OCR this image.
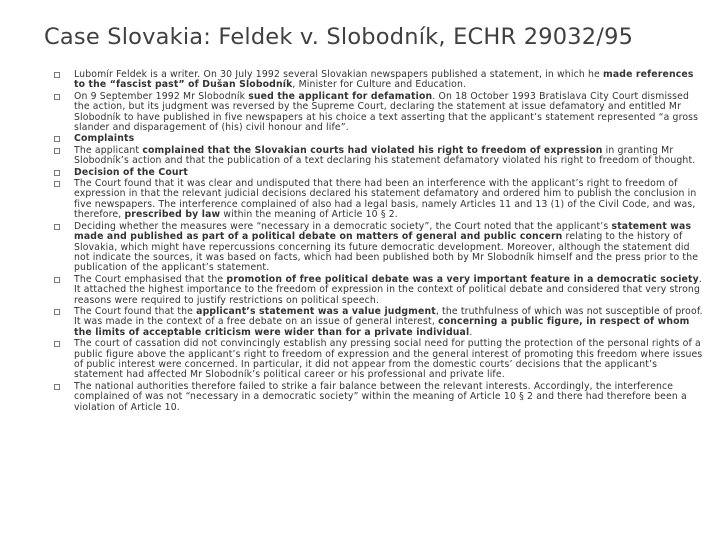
Case Slovakia: Feldek v. Slobodník, ECHR 29032/95
Lubomír Feldek is a writer. On 30 July 1992 several Slovakian newspapers published a statement, in which he made references to the “fascist past” of Dušan Slobodník, Minister for Culture and Education.
On 9 September 1992 Mr Slobodník sued the applicant for defamation. On 18 October 1993 Bratislava City Court dismissed the action, but its judgment was reversed by the Supreme Court, declaring the statement at issue defamatory and entitled Mr Slobodník to have published in five newspapers at his choice a text asserting that the applicant’s statement represented “a gross slander and disparagement of (his) civil honour and life”.
Complaints
The applicant complained that the Slovakian courts had violated his right to freedom of expression in granting Mr Slobodník’s action and that the publication of a text declaring his statement defamatory violated his right to freedom of thought.
Decision of the Court
The Court found that it was clear and undisputed that there had been an interference with the applicant’s right to freedom of expression in that the relevant judicial decisions declared his statement defamatory and ordered him to publish the conclusion in five newspapers. The interference complained of also had a legal basis, namely Articles 11 and 13 (1) of the Civil Code, and was, therefore, prescribed by law within the meaning of Article 10 § 2.
Deciding whether the measures were “necessary in a democratic society”, the Court noted that the applicant’s statement was made and published as part of a political debate on matters of general and public concern relating to the history of Slovakia, which might have repercussions concerning its future democratic development. Moreover, although the statement did not indicate the sources, it was based on facts, which had been published both by Mr Slobodník himself and the press prior to the publication of the applicant’s statement.
The Court emphasised that the promotion of free political debate was a very important feature in a democratic society. It attached the highest importance to the freedom of expression in the context of political debate and considered that very strong reasons were required to justify restrictions on political speech.
The Court found that the applicant’s statement was a value judgment, the truthfulness of which was not susceptible of proof. It was made in the context of a free debate on an issue of general interest, concerning a public figure, in respect of whom the limits of acceptable criticism were wider than for a private individual.
The court of cassation did not convincingly establish any pressing social need for putting the protection of the personal rights of a public figure above the applicant’s right to freedom of expression and the general interest of promoting this freedom where issues of public interest were concerned. In particular, it did not appear from the domestic courts’ decisions that the applicant’s statement had affected Mr Slobodník’s political career or his professional and private life.
The national authorities therefore failed to strike a fair balance between the relevant interests. Accordingly, the interference complained of was not “necessary in a democratic society” within the meaning of Article 10 § 2 and there had therefore been a violation of Article 10.
